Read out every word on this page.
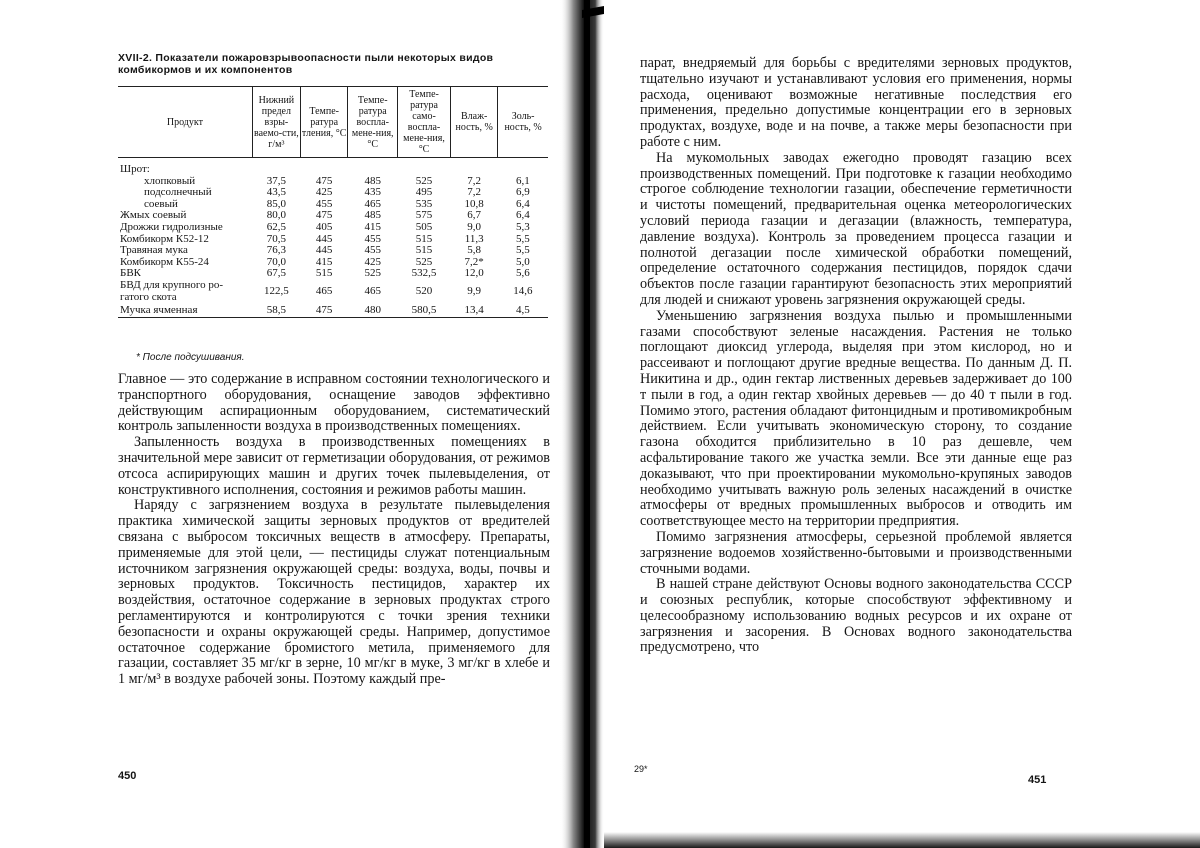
XVII-2. Показатели пожаровзрывоопасности пыли некоторых видов
комбикормов и их компонентов
Продукт	Нижний предел взры-ваемо-сти, г/м³	Темпе-ратура тления, °C	Темпе-ратура воспла-мене-ния, °C	Темпе-ратура само-воспла-мене-ния, °C	Влаж-ность, %	Золь-ность, %
Шрот:
хлопковый	37,5	475	485	525	7,2	6,1
подсолнечный	43,5	425	435	495	7,2	6,9
соевый	85,0	455	465	535	10,8	6,4
Жмых соевый	80,0	475	485	575	6,7	6,4
Дрожжи гидролизные	62,5	405	415	505	9,0	5,3
Комбикорм К52-12	70,5	445	455	515	11,3	5,5
Травяная мука	76,3	445	455	515	5,8	5,5
Комбикорм К55-24	70,0	415	425	525	7,2*	5,0
БВК	67,5	515	525	532,5	12,0	5,6
БВД для крупного ро-гатого скота	122,5	465	465	520	9,9	14,6
Мучка ячменная	58,5	475	480	580,5	13,4	4,5
* После подсушивания.

Главное — это содержание в исправном состоянии технологического и транспортного оборудования, оснащение заводов эффективно действующим аспирационным оборудованием, систематический контроль запыленности воздуха в производственных помещениях.

Запыленность воздуха в производственных помещениях в значительной мере зависит от герметизации оборудования, от режимов отсоса аспирирующих машин и других точек пылевыделения, от конструктивного исполнения, состояния и режимов работы машин.

Наряду с загрязнением воздуха в результате пылевыделения практика химической защиты зерновых продуктов от вредителей связана с выбросом токсичных веществ в атмосферу. Препараты, применяемые для этой цели, — пестициды служат потенциальным источником загрязнения окружающей среды: воздуха, воды, почвы и зерновых продуктов. Токсичность пестицидов, характер их воздействия, остаточное содержание в зерновых продуктах строго регламентируются и контролируются с точки зрения техники безопасности и охраны окружающей среды. Например, допустимое остаточное содержание бромистого метила, применяемого для газации, составляет 35 мг/кг в зерне, 10 мг/кг в муке, 3 мг/кг в хлебе и 1 мг/м³ в воздухе рабочей зоны. Поэтому каждый пре-

450

парат, внедряемый для борьбы с вредителями зерновых продуктов, тщательно изучают и устанавливают условия его применения, нормы расхода, оценивают возможные негативные последствия его применения, предельно допустимые концентрации его в зерновых продуктах, воздухе, воде и на почве, а также меры безопасности при работе с ним.

На мукомольных заводах ежегодно проводят газацию всех производственных помещений. При подготовке к газации необходимо строгое соблюдение технологии газации, обеспечение герметичности и чистоты помещений, предварительная оценка метеорологических условий периода газации и дегазации (влажность, температура, давление воздуха). Контроль за проведением процесса газации и полнотой дегазации после химической обработки помещений, определение остаточного содержания пестицидов, порядок сдачи объектов после газации гарантируют безопасность этих мероприятий для людей и снижают уровень загрязнения окружающей среды.

Уменьшению загрязнения воздуха пылью и промышленными газами способствуют зеленые насаждения. Растения не только поглощают диоксид углерода, выделяя при этом кислород, но и рассеивают и поглощают другие вредные вещества. По данным Д. П. Никитина и др., один гектар лиственных деревьев задерживает до 100 т пыли в год, а один гектар хвойных деревьев — до 40 т пыли в год. Помимо этого, растения обладают фитонцидным и противомикробным действием. Если учитывать экономическую сторону, то создание газона обходится приблизительно в 10 раз дешевле, чем асфальтирование такого же участка земли. Все эти данные еще раз доказывают, что при проектировании мукомольно-крупяных заводов необходимо учитывать важную роль зеленых насаждений в очистке атмосферы от вредных промышленных выбросов и отводить им соответствующее место на территории предприятия.

Помимо загрязнения атмосферы, серьезной проблемой является загрязнение водоемов хозяйственно-бытовыми и производственными сточными водами.

В нашей стране действуют Основы водного законодательства СССР и союзных республик, которые способствуют эффективному и целесообразному использованию водных ресурсов и их охране от загрязнения и засорения. В Основах водного законодательства предусмотрено, что

29*
451
